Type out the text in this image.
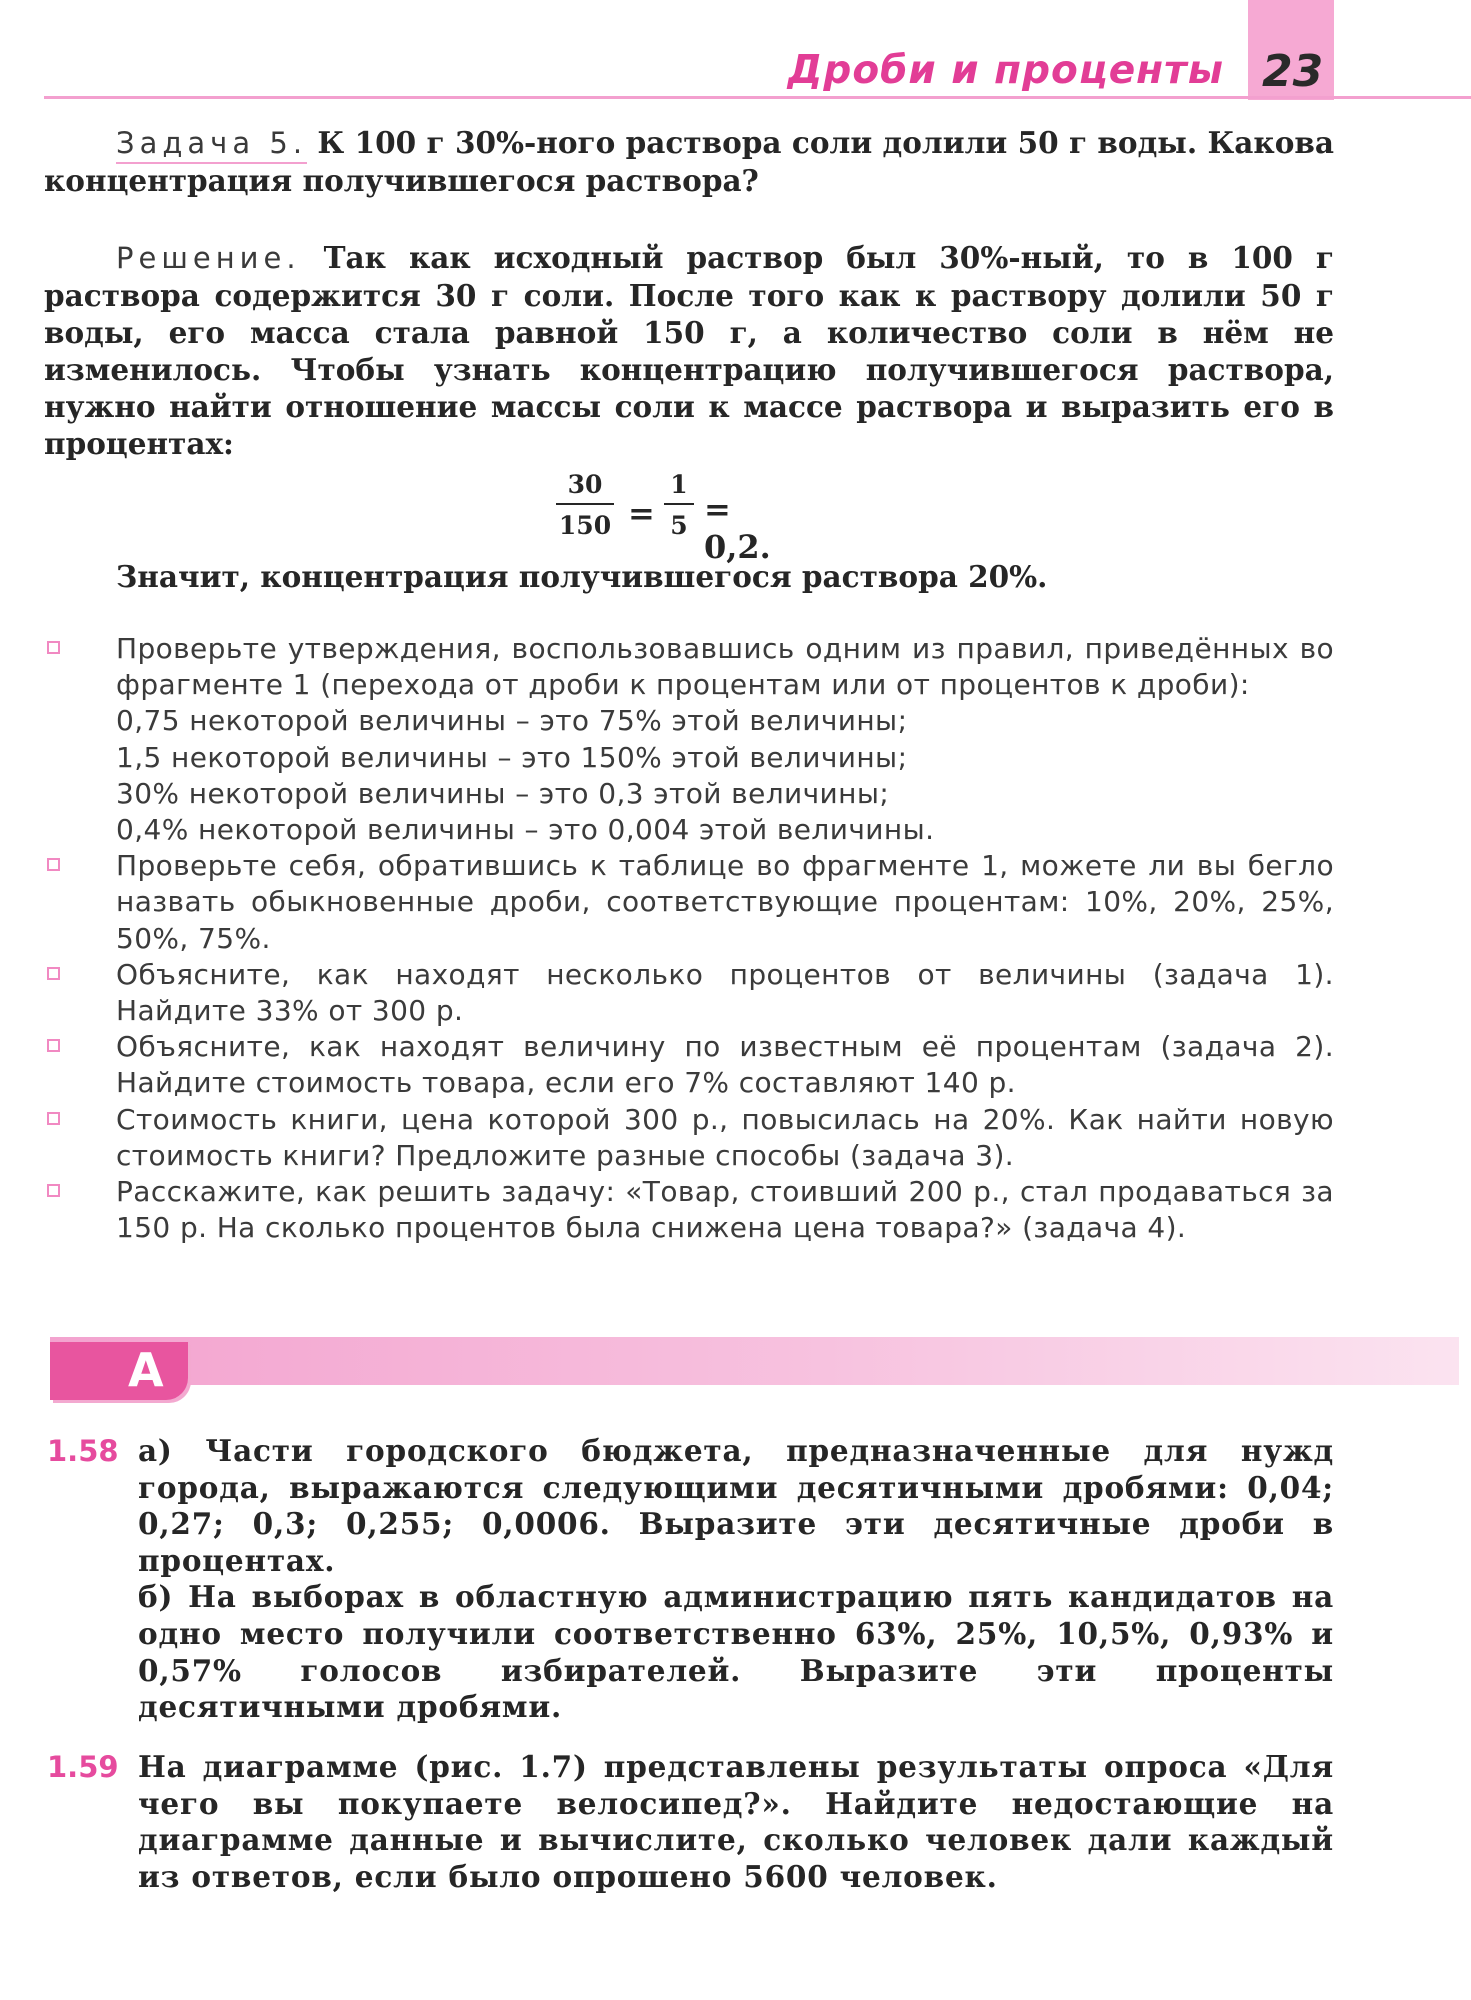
Дроби и проценты 23

Задача 5. К 100 г 30%-ного раствора соли долили 50 г воды. Какова концентрация получившегося раствора?

Решение. Так как исходный раствор был 30%-ный, то в 100 г раствора содержится 30 г соли. После того как к раствору долили 50 г воды, его масса стала равной 150 г, а количество соли в нём не изменилось. Чтобы узнать концентрацию получившегося раствора, нужно найти отношение массы соли к массе раствора и выразить его в процентах:

30
150 =
1
5 = 0,2.

Значит, концентрация получившегося раствора 20%.

Проверьте утверждения, воспользовавшись одним из правил, приведённых во фрагменте 1 (перехода от дроби к процентам или от процентов к дроби):
0,75 некоторой величины – это 75% этой величины;
1,5 некоторой величины – это 150% этой величины;
30% некоторой величины – это 0,3 этой величины;
0,4% некоторой величины – это 0,004 этой величины.
Проверьте себя, обратившись к таблице во фрагменте 1, можете ли вы бегло назвать обыкновенные дроби, соответствующие процентам: 10%, 20%, 25%, 50%, 75%.
Объясните, как находят несколько процентов от величины (задача 1). Найдите 33% от 300 р.
Объясните, как находят величину по известным её процентам (задача 2). Найдите стоимость товара, если его 7% составляют 140 р.
Стоимость книги, цена которой 300 р., повысилась на 20%. Как найти новую стоимость книги? Предложите разные способы (задача 3).
Расскажите, как решить задачу: «Товар, стоивший 200 р., стал продаваться за 150 р. На сколько процентов была снижена цена товара?» (задача 4).
А
1.58 а) Части городского бюджета, предназначенные для нужд города, выражаются следующими десятичными дробями: 0,04; 0,27; 0,3; 0,255; 0,0006. Выразите эти десятичные дроби в процентах.
б) На выборах в областную администрацию пять кандидатов на одно место получили соответственно 63%, 25%, 10,5%, 0,93% и 0,57% голосов избирателей. Выразите эти проценты десятичными дробями.
1.59 На диаграмме (рис. 1.7) представлены результаты опроса «Для чего вы покупаете велосипед?». Найдите недостающие на диаграмме данные и вычислите, сколько человек дали каждый из ответов, если было опрошено 5600 человек.
